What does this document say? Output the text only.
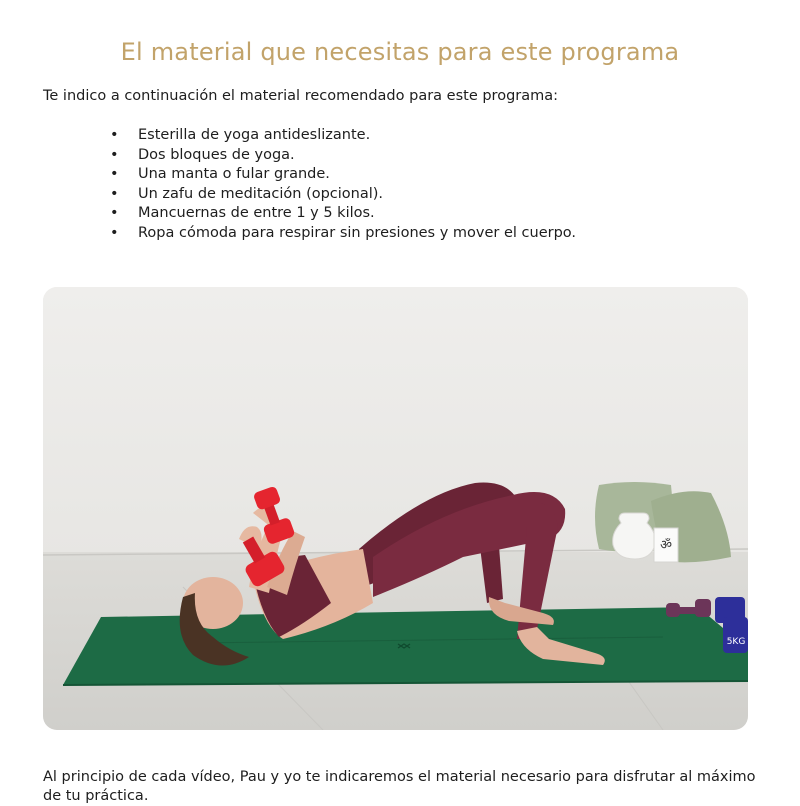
El material que necesitas para este programa

Te indico a continuación el material recomendado para este programa:

• Esterilla de yoga antideslizante.
• Dos bloques de yoga.
• Una manta o fular grande.
• Un zafu de meditación (opcional).
• Mancuernas de entre 1 y 5 kilos.
• Ropa cómoda para respirar sin presiones y mover el cuerpo.
ॐ
5KG

Al principio de cada vídeo, Pau y yo te indicaremos el material necesario para disfrutar al máximo de tu práctica.
